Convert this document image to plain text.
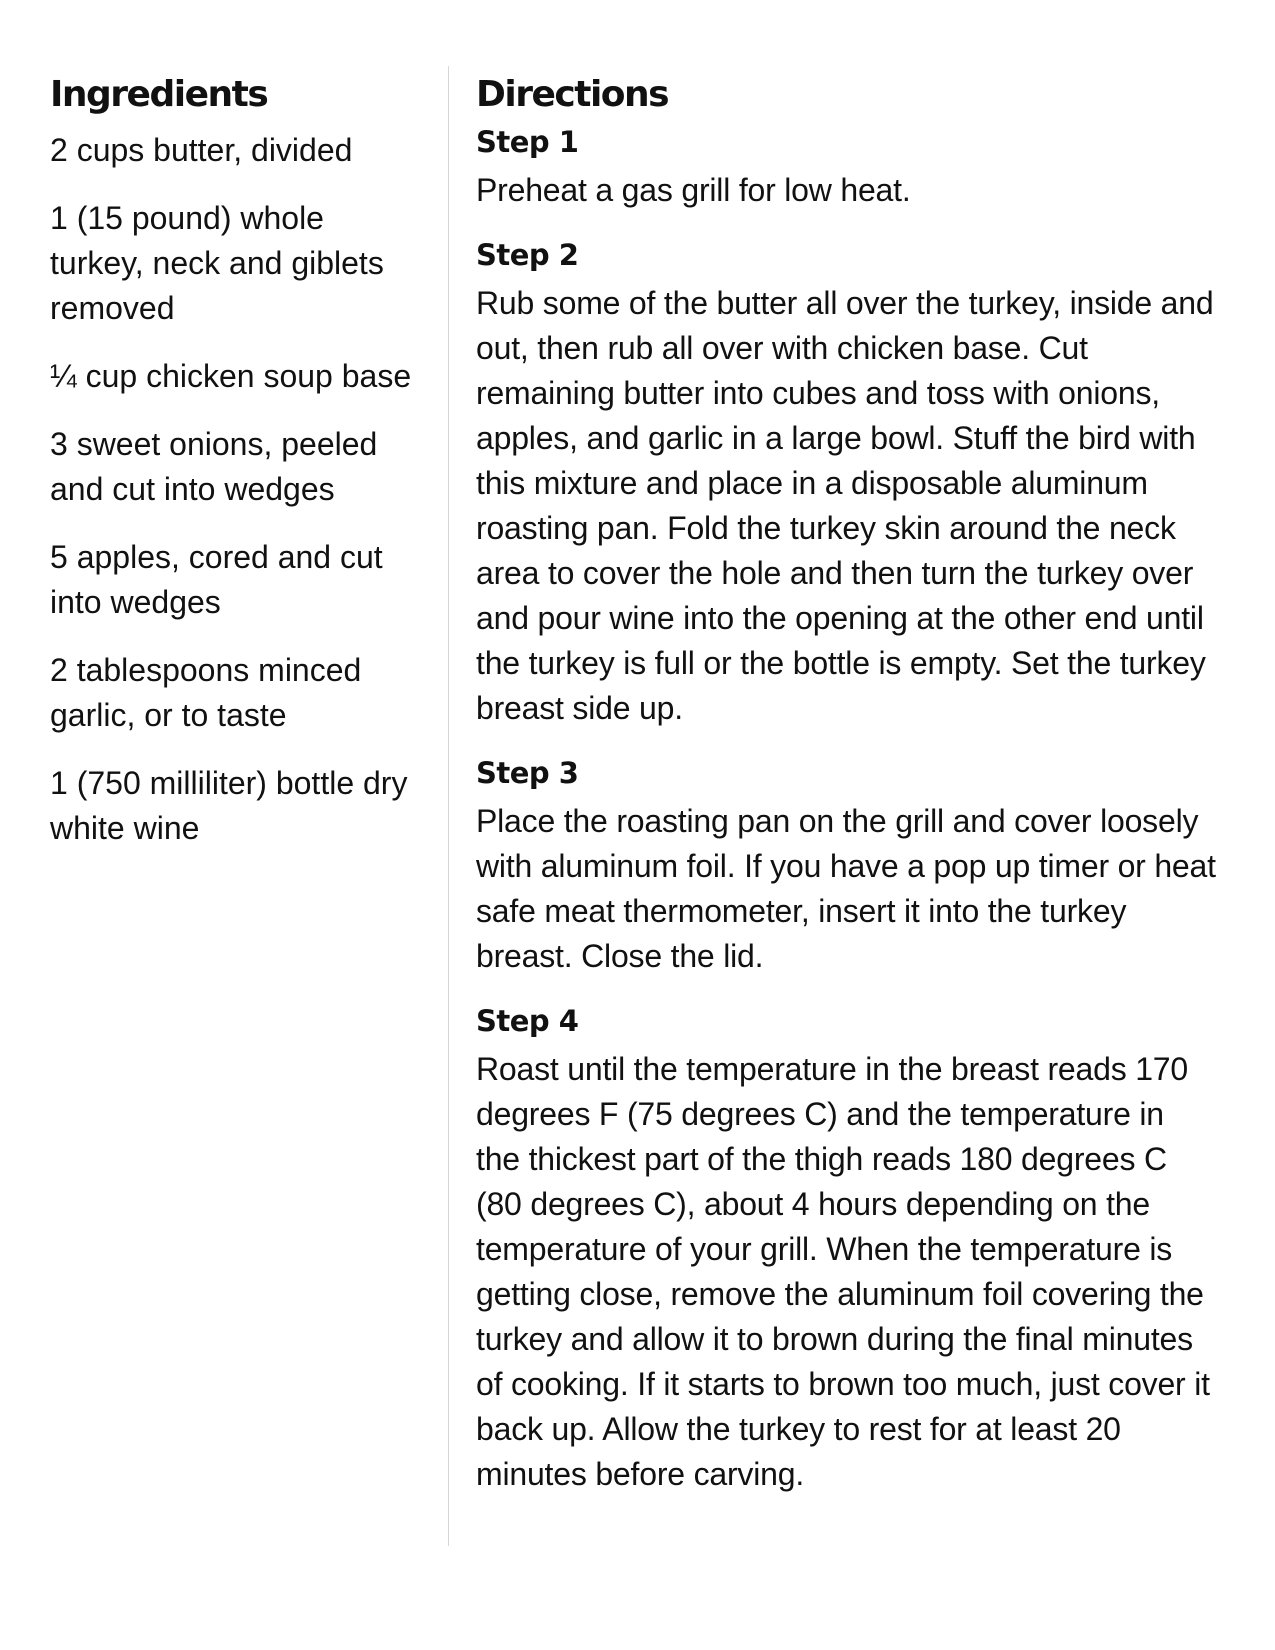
Ingredients
2 cups butter, divided
1 (15 pound) whole turkey, neck and giblets removed
¼ cup chicken soup base
3 sweet onions, peeled and cut into wedges
5 apples, cored and cut into wedges
2 tablespoons minced garlic, or to taste
1 (750 milliliter) bottle dry white wine
Directions
Step 1

Preheat a gas grill for low heat.

Step 2

Rub some of the butter all over the turkey, inside and out, then rub all over with chicken base. Cut remaining butter into cubes and toss with onions, apples, and garlic in a large bowl. Stuff the bird with this mixture and place in a disposable aluminum roasting pan. Fold the turkey skin around the neck area to cover the hole and then turn the turkey over and pour wine into the opening at the other end until the turkey is full or the bottle is empty. Set the turkey breast side up.

Step 3

Place the roasting pan on the grill and cover loosely with aluminum foil. If you have a pop up timer or heat safe meat thermometer, insert it into the turkey breast. Close the lid.

Step 4

Roast until the temperature in the breast reads 170 degrees F (75 degrees C) and the temperature in the thickest part of the thigh reads 180 degrees C (80 degrees C), about 4 hours depending on the temperature of your grill. When the temperature is getting close, remove the aluminum foil covering the turkey and allow it to brown during the final minutes of cooking. If it starts to brown too much, just cover it back up. Allow the turkey to rest for at least 20 minutes before carving.
